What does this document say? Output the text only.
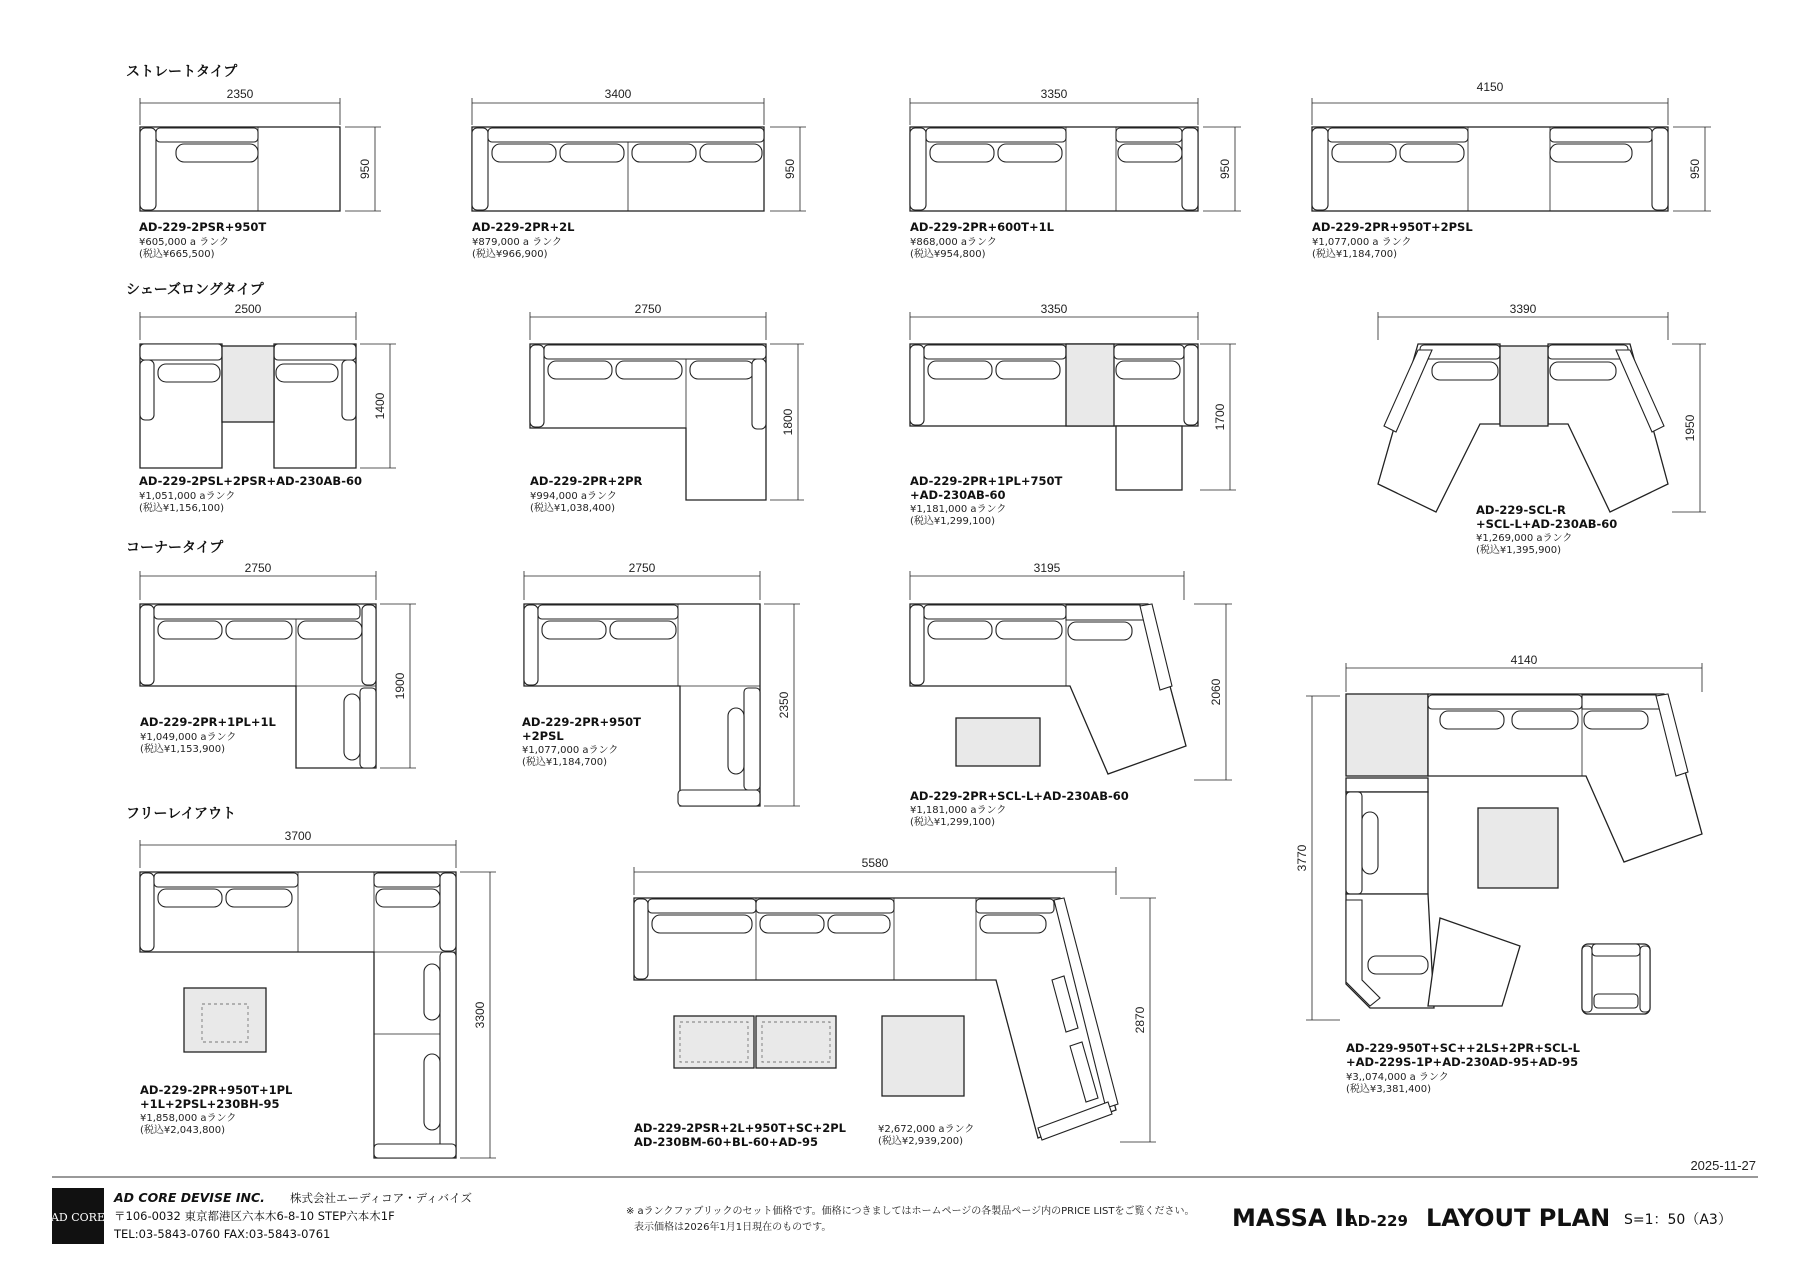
ストレートタイプ
シェーズロングタイプ
コーナータイプ
フリーレイアウト
2350
950
AD-229-2PSR+950T
¥605,000 a ランク
(税込¥665,500)
3400
950
AD-229-2PR+2L
¥879,000 a ランク
(税込¥966,900)
3350
950
AD-229-2PR+600T+1L
¥868,000 aランク
(税込¥954,800)
4150
950
AD-229-2PR+950T+2PSL
¥1,077,000 a ランク
(税込¥1,184,700)
2500
1400
AD-229-2PSL+2PSR+AD-230AB-60
¥1,051,000 aランク
(税込¥1,156,100)
2750
1800
AD-229-2PR+2PR
¥994,000 aランク
(税込¥1,038,400)
3350
1700
AD-229-2PR+1PL+750T
+AD-230AB-60
¥1,181,000 aランク
(税込¥1,299,100)
3390
1950
AD-229-SCL-R
+SCL-L+AD-230AB-60
¥1,269,000 aランク
(税込¥1,395,900)
2750
1900
AD-229-2PR+1PL+1L
¥1,049,000 aランク
(税込¥1,153,900)
2750
2350
AD-229-2PR+950T
+2PSL
¥1,077,000 aランク
(税込¥1,184,700)
3195
2060
AD-229-2PR+SCL-L+AD-230AB-60
¥1,181,000 aランク
(税込¥1,299,100)
4140
3770
AD-229-950T+SC++2LS+2PR+SCL-L
+AD-229S-1P+AD-230AD-95+AD-95
¥3,,074,000 a ランク
(税込¥3,381,400)
3700
3300
AD-229-2PR+950T+1PL
+1L+2PSL+230BH-95
¥1,858,000 aランク
(税込¥2,043,800)
5580
2870
AD-229-2PSR+2L+950T+SC+2PL
AD-230BM-60+BL-60+AD-95
¥2,672,000 aランク
(税込¥2,939,200)
2025-11-27
AD CORE
AD CORE DEVISE INC. 株式会社エーディコア・ディバイズ
〒106-0032 東京都港区六本木6-8-10 STEP六本木1F
TEL:03-5843-0760 FAX:03-5843-0761
※ aランクファブリックのセット価格です。価格につきましてはホームページの各製品ページ内のPRICE LISTをご覧ください。
表示価格は2026年1月1日現在のものです。	MASSA II
AD-229 LAYOUT PLAN S=1：50（A3）
